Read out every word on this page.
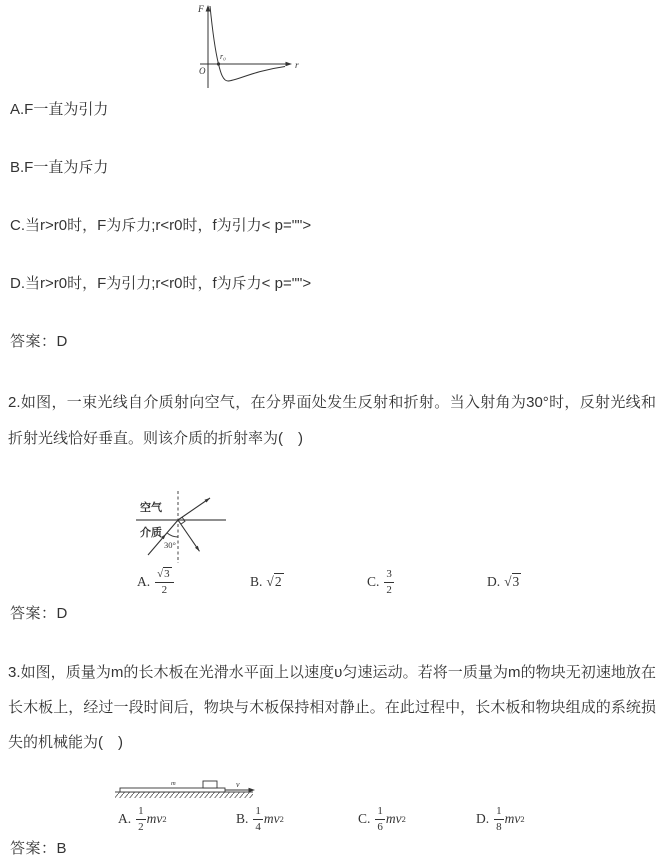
F
r
O
r₀
A.F一直为引力
B.F一直为斥力
C.当r>r0时，F为斥力;r<r0时，f为引力< p="">
D.当r>r0时，F为引力;r<r0时，f为斥力< p="">
答案：D
2.如图，一束光线自介质射向空气，在分界面处发生反射和折射。当入射角为30°时，反射光线和折射光线恰好垂直。则该介质的折射率为(　)
空气
介质
30°
A. $\frac{√3}{2}$	B. √2	C. $\frac{3}{2}$	D. √3
答案：D
3.如图，质量为m的长木板在光滑水平面上以速度υ匀速运动。若将一质量为m的物块无初速地放在长木板上，经过一段时间后，物块与木板保持相对静止。在此过程中，长木板和物块组成的系统损失的机械能为(　)
m	v
A. $\frac{1}{2}$ mv 2	B. $\frac{1}{4}$ mv 2	C. $\frac{1}{6}$ mv 2	D. $\frac{1}{8}$ mv 2
答案：B
